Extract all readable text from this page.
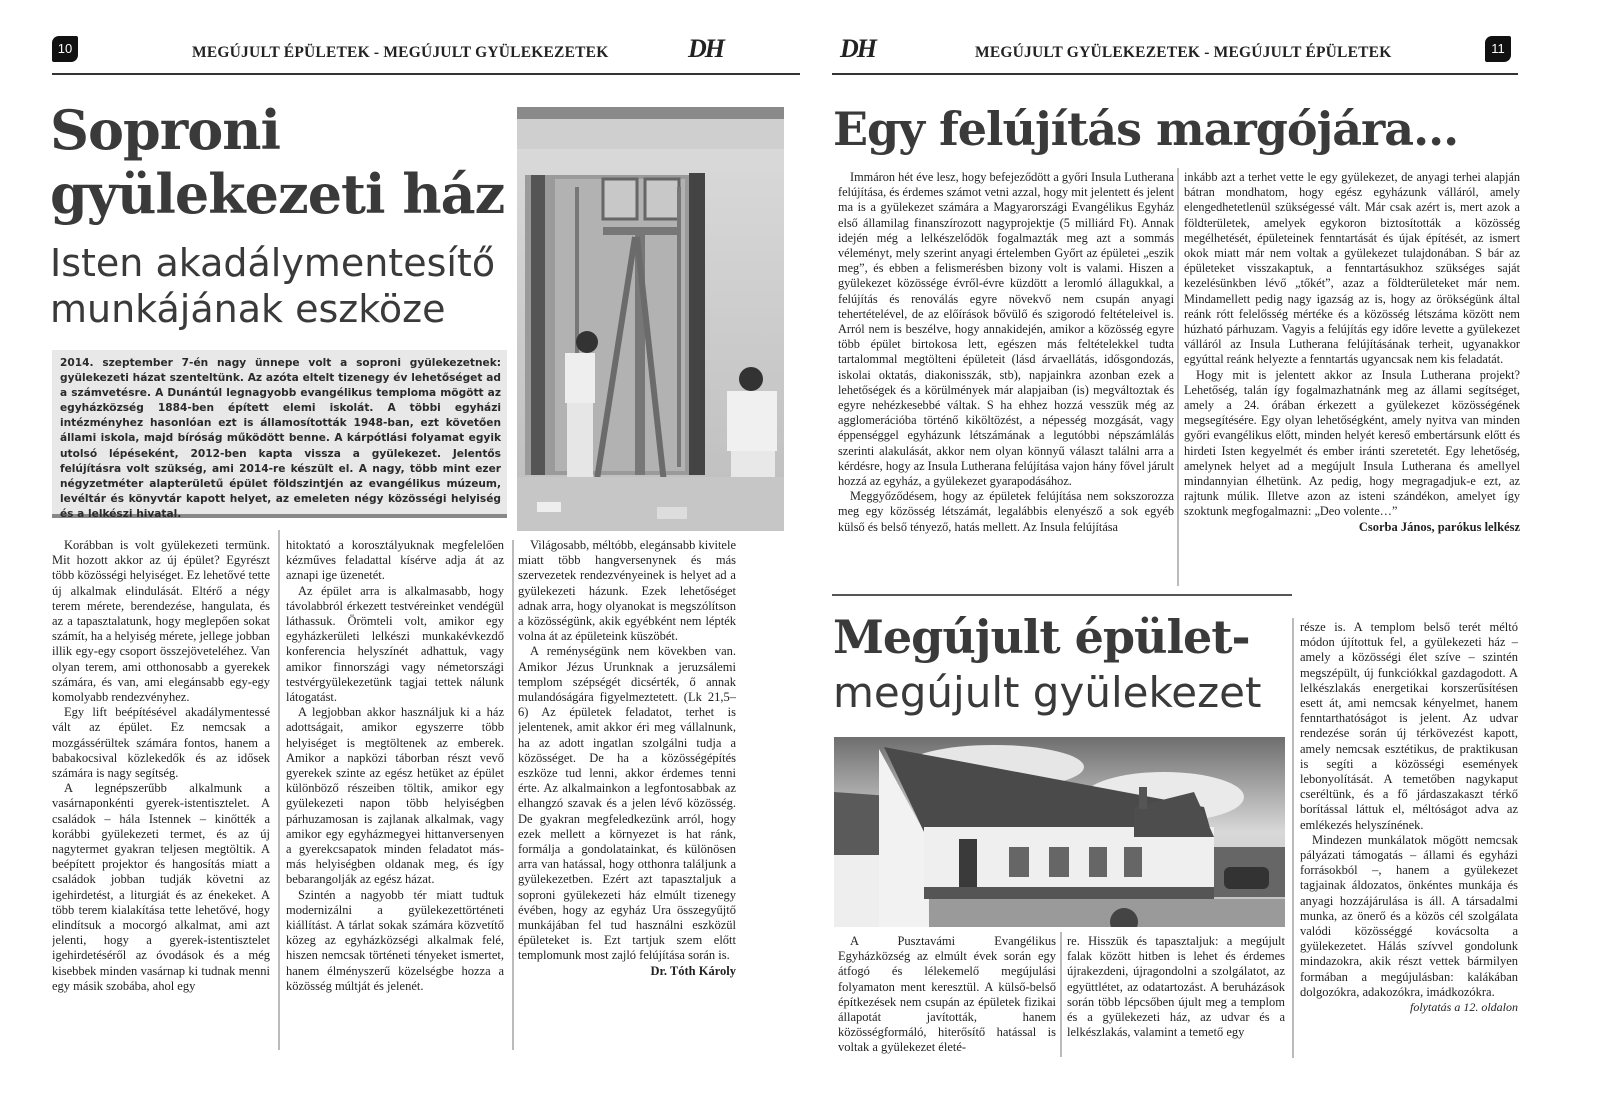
10	MEGÚJULT ÉPÜLETEK - MEGÚJULT GYÜLEKEZETEK	DH
Soproni
gyülekezeti ház
Isten akadálymentesítő
munkájának eszköze
2014. szeptember 7-én nagy ünnepe volt a soproni gyülekezetnek: gyülekezeti házat szenteltünk. Az azóta eltelt tizenegy év lehetőséget ad a számvetésre. A Dunántúl legnagyobb evangélikus temploma mögött az egyházközség 1884-ben épített elemi iskolát. A többi egyházi intézményhez hasonlóan ezt is államosították 1948-ban, ezt követően állami iskola, majd bíróság működött benne. A kárpótlási folyamat egyik utolsó lépéseként, 2012-ben kapta vissza a gyülekezet. Jelentős felújításra volt szükség, ami 2014-re készült el. A nagy, több mint ezer négyzetméter alapterületű épület földszintjén az evangélikus múzeum, levéltár és könyvtár kapott helyet, az emeleten négy közösségi helyiség és a lelkészi hivatal.

Korábban is volt gyülekezeti termünk. Mit hozott akkor az új épület? Egyrészt több közösségi helyiséget. Ez lehetővé tette új alkalmak elindulását. Eltérő a négy terem mérete, berendezése, hangulata, és az a tapasztalatunk, hogy meglepően sokat számít, ha a helyiség mérete, jellege jobban illik egy-egy csoport összejöveteléhez. Van olyan terem, ami otthonosabb a gyerekek számára, és van, ami elegánsabb egy-egy komolyabb rendezvényhez.

Egy lift beépítésével akadálymentessé vált az épület. Ez nemcsak a mozgássérültek számára fontos, hanem a babakocsival közlekedők és az idősek számára is nagy segítség.

A legnépszerűbb alkalmunk a vasárnaponkénti gyerek-istentisztelet. A családok – hála Istennek – kinőtték a korábbi gyülekezeti termet, és az új nagytermet gyakran teljesen megtöltik. A beépített projektor és hangosítás miatt a családok jobban tudják követni az igehirdetést, a liturgiát és az énekeket. A több terem kialakítása tette lehetővé, hogy elindítsuk a mocorgó alkalmat, ami azt jelenti, hogy a gyerek-istentisztelet igehirdetéséről az óvodások és a még kisebbek minden vasárnap ki tudnak menni egy másik szobába, ahol egy

hitoktató a korosztályuknak megfelelően kézműves feladattal kísérve adja át az aznapi ige üzenetét.

Az épület arra is alkalmasabb, hogy távolabbról érkezett testvéreinket vendégül láthassuk. Örömteli volt, amikor egy egyházkerületi lelkészi munkakévkezdő konferencia helyszínét adhattuk, vagy amikor finnországi vagy németországi testvérgyülekezetünk tagjai tettek nálunk látogatást.

A legjobban akkor használjuk ki a ház adottságait, amikor egyszerre több helyiséget is megtöltenek az emberek. Amikor a napközi táborban részt vevő gyerekek szinte az egész hetüket az épület különböző részeiben töltik, amikor egy gyülekezeti napon több helyiségben párhuzamosan is zajlanak alkalmak, vagy amikor egy egyházmegyei hittanversenyen a gyerekcsapatok minden feladatot más-más helyiségben oldanak meg, és így bebarangolják az egész házat.

Szintén a nagyobb tér miatt tudtuk modernizálni a gyülekezettörténeti kiállítást. A tárlat sokak számára közvetítő közeg az egyházközségi alkalmak felé, hiszen nemcsak történeti tényeket ismertet, hanem élményszerű közelségbe hozza a közösség múltját és jelenét.

Világosabb, méltóbb, elegánsabb kivitele miatt több hangversenynek és más szervezetek rendezvényeinek is helyet ad a gyülekezeti házunk. Ezek lehetőséget adnak arra, hogy olyanokat is megszólítson a közösségünk, akik egyébként nem lépték volna át az épületeink küszöbét.

A reménységünk nem kövekben van. Amikor Jézus Urunknak a jeruzsálemi templom szépségét dicsérték, ő annak mulandóságára figyelmeztetett. (Lk 21,5–6) Az épületek feladatot, terhet is jelentenek, amit akkor éri meg vállalnunk, ha az adott ingatlan szolgálni tudja a közösséget. De ha a közösségépítés eszköze tud lenni, akkor érdemes tenni érte. Az alkalmainkon a legfontosabbak az elhangzó szavak és a jelen lévő közösség. De gyakran megfeledkezünk arról, hogy ezek mellett a környezet is hat ránk, formálja a gondolatainkat, és különösen arra van hatással, hogy otthonra találjunk a gyülekezetben. Ezért azt tapasztaljuk a soproni gyülekezeti ház elmúlt tizenegy évében, hogy az egyház Ura összegyűjtő munkájában fel tud használni eszközül épületeket is. Ezt tartjuk szem előtt templomunk most zajló felújítása során is.

Dr. Tóth Károly
DH	MEGÚJULT GYÜLEKEZETEK - MEGÚJULT ÉPÜLETEK	11
Egy felújítás margójára...

Immáron hét éve lesz, hogy befejeződött a győri Insula Lutherana felújítása, és érdemes számot vetni azzal, hogy mit jelentett és jelent ma is a gyülekezet számára a Magyarországi Evangélikus Egyház első államilag finanszírozott nagyprojektje (5 milliárd Ft). Annak idején még a lelkészelődök fogalmazták meg azt a sommás véleményt, mely szerint anyagi értelemben Győrt az épületei „eszik meg”, és ebben a felismerésben bizony volt is valami. Hiszen a gyülekezet közössége évről-évre küzdött a leromló állagukkal, a felújítás és renoválás egyre növekvő nem csupán anyagi tehertételével, de az előírások bővülő és szigorodó feltételeivel is. Arról nem is beszélve, hogy annakidején, amikor a közösség egyre több épület birtokosa lett, egészen más feltételekkel tudta tartalommal megtölteni épületeit (lásd árvaellátás, idősgondozás, iskolai oktatás, diakonisszák, stb), napjainkra azonban ezek a lehetőségek és a körülmények már alapjaiban (is) megváltoztak és egyre nehézkesebbé váltak. S ha ehhez hozzá vesszük még az agglomerációba történő kiköltözést, a népesség mozgását, vagy éppenséggel egyházunk létszámának a legutóbbi népszámlálás szerinti alakulását, akkor nem olyan könnyű választ találni arra a kérdésre, hogy az Insula Lutherana felújítása vajon hány fővel járult hozzá az egyház, a gyülekezet gyarapodásához.

Meggyőződésem, hogy az épületek felújítása nem sokszorozza meg egy közösség létszámát, legalábbis elenyésző a sok egyéb külső és belső tényező, hatás mellett. Az Insula felújítása

inkább azt a terhet vette le egy gyülekezet, de anyagi terhei alapján bátran mondhatom, hogy egész egyházunk válláról, amely elengedhetetlenül szükségessé vált. Már csak azért is, mert azok a földterületek, amelyek egykoron biztosították a közösség megélhetését, épületeinek fenntartását és újak építését, az ismert okok miatt már nem voltak a gyülekezet tulajdonában. S bár az épületeket visszakaptuk, a fenntartásukhoz szükséges saját kezelésünkben lévő „tőkét”, azaz a földterületeket már nem. Mindamellett pedig nagy igazság az is, hogy az örökségünk által reánk rótt felelősség mértéke és a közösség létszáma között nem húzható párhuzam. Vagyis a felújítás egy időre levette a gyülekezet válláról az Insula Lutherana felújításának terheit, ugyanakkor egyúttal reánk helyezte a fenntartás ugyancsak nem kis feladatát.

Hogy mit is jelentett akkor az Insula Lutherana projekt? Lehetőség, talán így fogalmazhatnánk meg az állami segítséget, amely a 24. órában érkezett a gyülekezet közösségének megsegítésére. Egy olyan lehetőségként, amely nyitva van minden győri evangélikus előtt, minden helyét kereső embertársunk előtt és hirdeti Isten kegyelmét és ember iránti szeretetét. Egy lehetőség, amelynek helyet ad a megújult Insula Lutherana és amellyel mindannyian élhetünk. Az pedig, hogy megragadjuk-e ezt, az rajtunk múlik. Illetve azon az isteni szándékon, amelyet így szoktunk megfogalmazni: „Deo volente…”

Csorba János, parókus lelkész
Megújult épület-
megújult gyülekezet

A Pusztavámi Evangélikus Egyházközség az elmúlt évek során egy átfogó és lélekemelő megújulási folyamaton ment keresztül. A külső-belső építkezések nem csupán az épületek fizikai állapotát javították, hanem közösségformáló, hiterősítő hatással is voltak a gyülekezet életé-

re. Hisszük és tapasztaljuk: a megújult falak között hitben is lehet és érdemes újrakezdeni, újragondolni a szolgálatot, az együttlétet, az odatartozást. A beruházások során több lépcsőben újult meg a templom és a gyülekezeti ház, az udvar és a lelkészlakás, valamint a temető egy

része is. A templom belső terét méltó módon újítottuk fel, a gyülekezeti ház – amely a közösségi élet szíve – szintén megszépült, új funkciókkal gazdagodott. A lelkészlakás energetikai korszerűsítésen esett át, ami nemcsak kényelmet, hanem fenntarthatóságot is jelent. Az udvar rendezése során új térkövezést kapott, amely nemcsak esztétikus, de praktikusan is segíti a közösségi események lebonyolítását. A temetőben nagykaput cseréltünk, és a fő járdaszakaszt térkő borítással láttuk el, méltóságot adva az emlékezés helyszínének.

Mindezen munkálatok mögött nemcsak pályázati támogatás – állami és egyházi forrásokból –, hanem a gyülekezet tagjainak áldozatos, önkéntes munkája és anyagi hozzájárulása is áll. A társadalmi munka, az önerő és a közös cél szolgálata valódi közösséggé kovácsolta a gyülekezetet. Hálás szívvel gondolunk mindazokra, akik részt vettek bármilyen formában a megújulásban: kalákában dolgozókra, adakozókra, imádkozókra.

folytatás a 12. oldalon
